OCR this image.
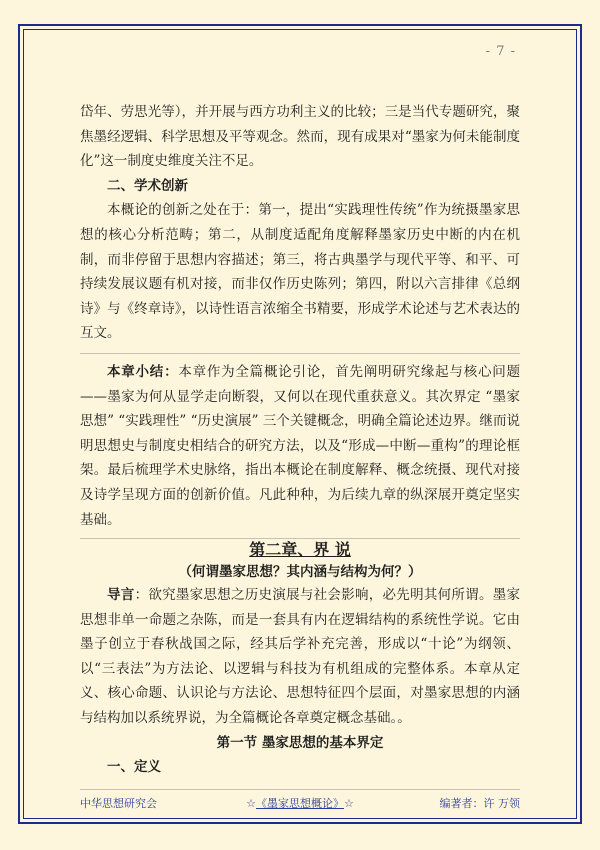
- 7 -

岱年、劳思光等），并开展与西方功利主义的比较；三是当代专题研究，聚焦墨经逻辑、科学思想及平等观念。然而，现有成果对“墨家为何未能制度化”这一制度史维度关注不足。

二、学术创新

本概论的创新之处在于：第一，提出“实践理性传统”作为统摄墨家思想的核心分析范畴；第二，从制度适配角度解释墨家历史中断的内在机制，而非停留于思想内容描述；第三，将古典墨学与现代平等、和平、可持续发展议题有机对接，而非仅作历史陈列；第四，附以六言排律《总纲诗》与《终章诗》，以诗性语言浓缩全书精要，形成学术论述与艺术表达的互文。

本章小结：本章作为全篇概论引论，首先阐明研究缘起与核心问题——墨家为何从显学走向断裂，又何以在现代重获意义。其次界定 “墨家思想” “实践理性” “历史演展” 三个关键概念，明确全篇论述边界。继而说明思想史与制度史相结合的研究方法，以及“形成—中断—重构”的理论框架。最后梳理学术史脉络，指出本概论在制度解释、概念统摄、现代对接及诗学呈现方面的创新价值。凡此种种，为后续九章的纵深展开奠定坚实基础。

第二章、界 说

（何谓墨家思想？其内涵与结构为何？）

导言：欲究墨家思想之历史演展与社会影响，必先明其何所谓。墨家思想非单一命题之杂陈，而是一套具有内在逻辑结构的系统性学说。它由墨子创立于春秋战国之际，经其后学补充完善，形成以“十论”为纲领、以“三表法”为方法论、以逻辑与科技为有机组成的完整体系。本章从定义、核心命题、认识论与方法论、思想特征四个层面，对墨家思想的内涵与结构加以系统界说，为全篇概论各章奠定概念基础。。

第一节 墨家思想的基本界定

一、定义

中华思想研究会	☆《墨家思想概论》☆	编著者：许 万领
